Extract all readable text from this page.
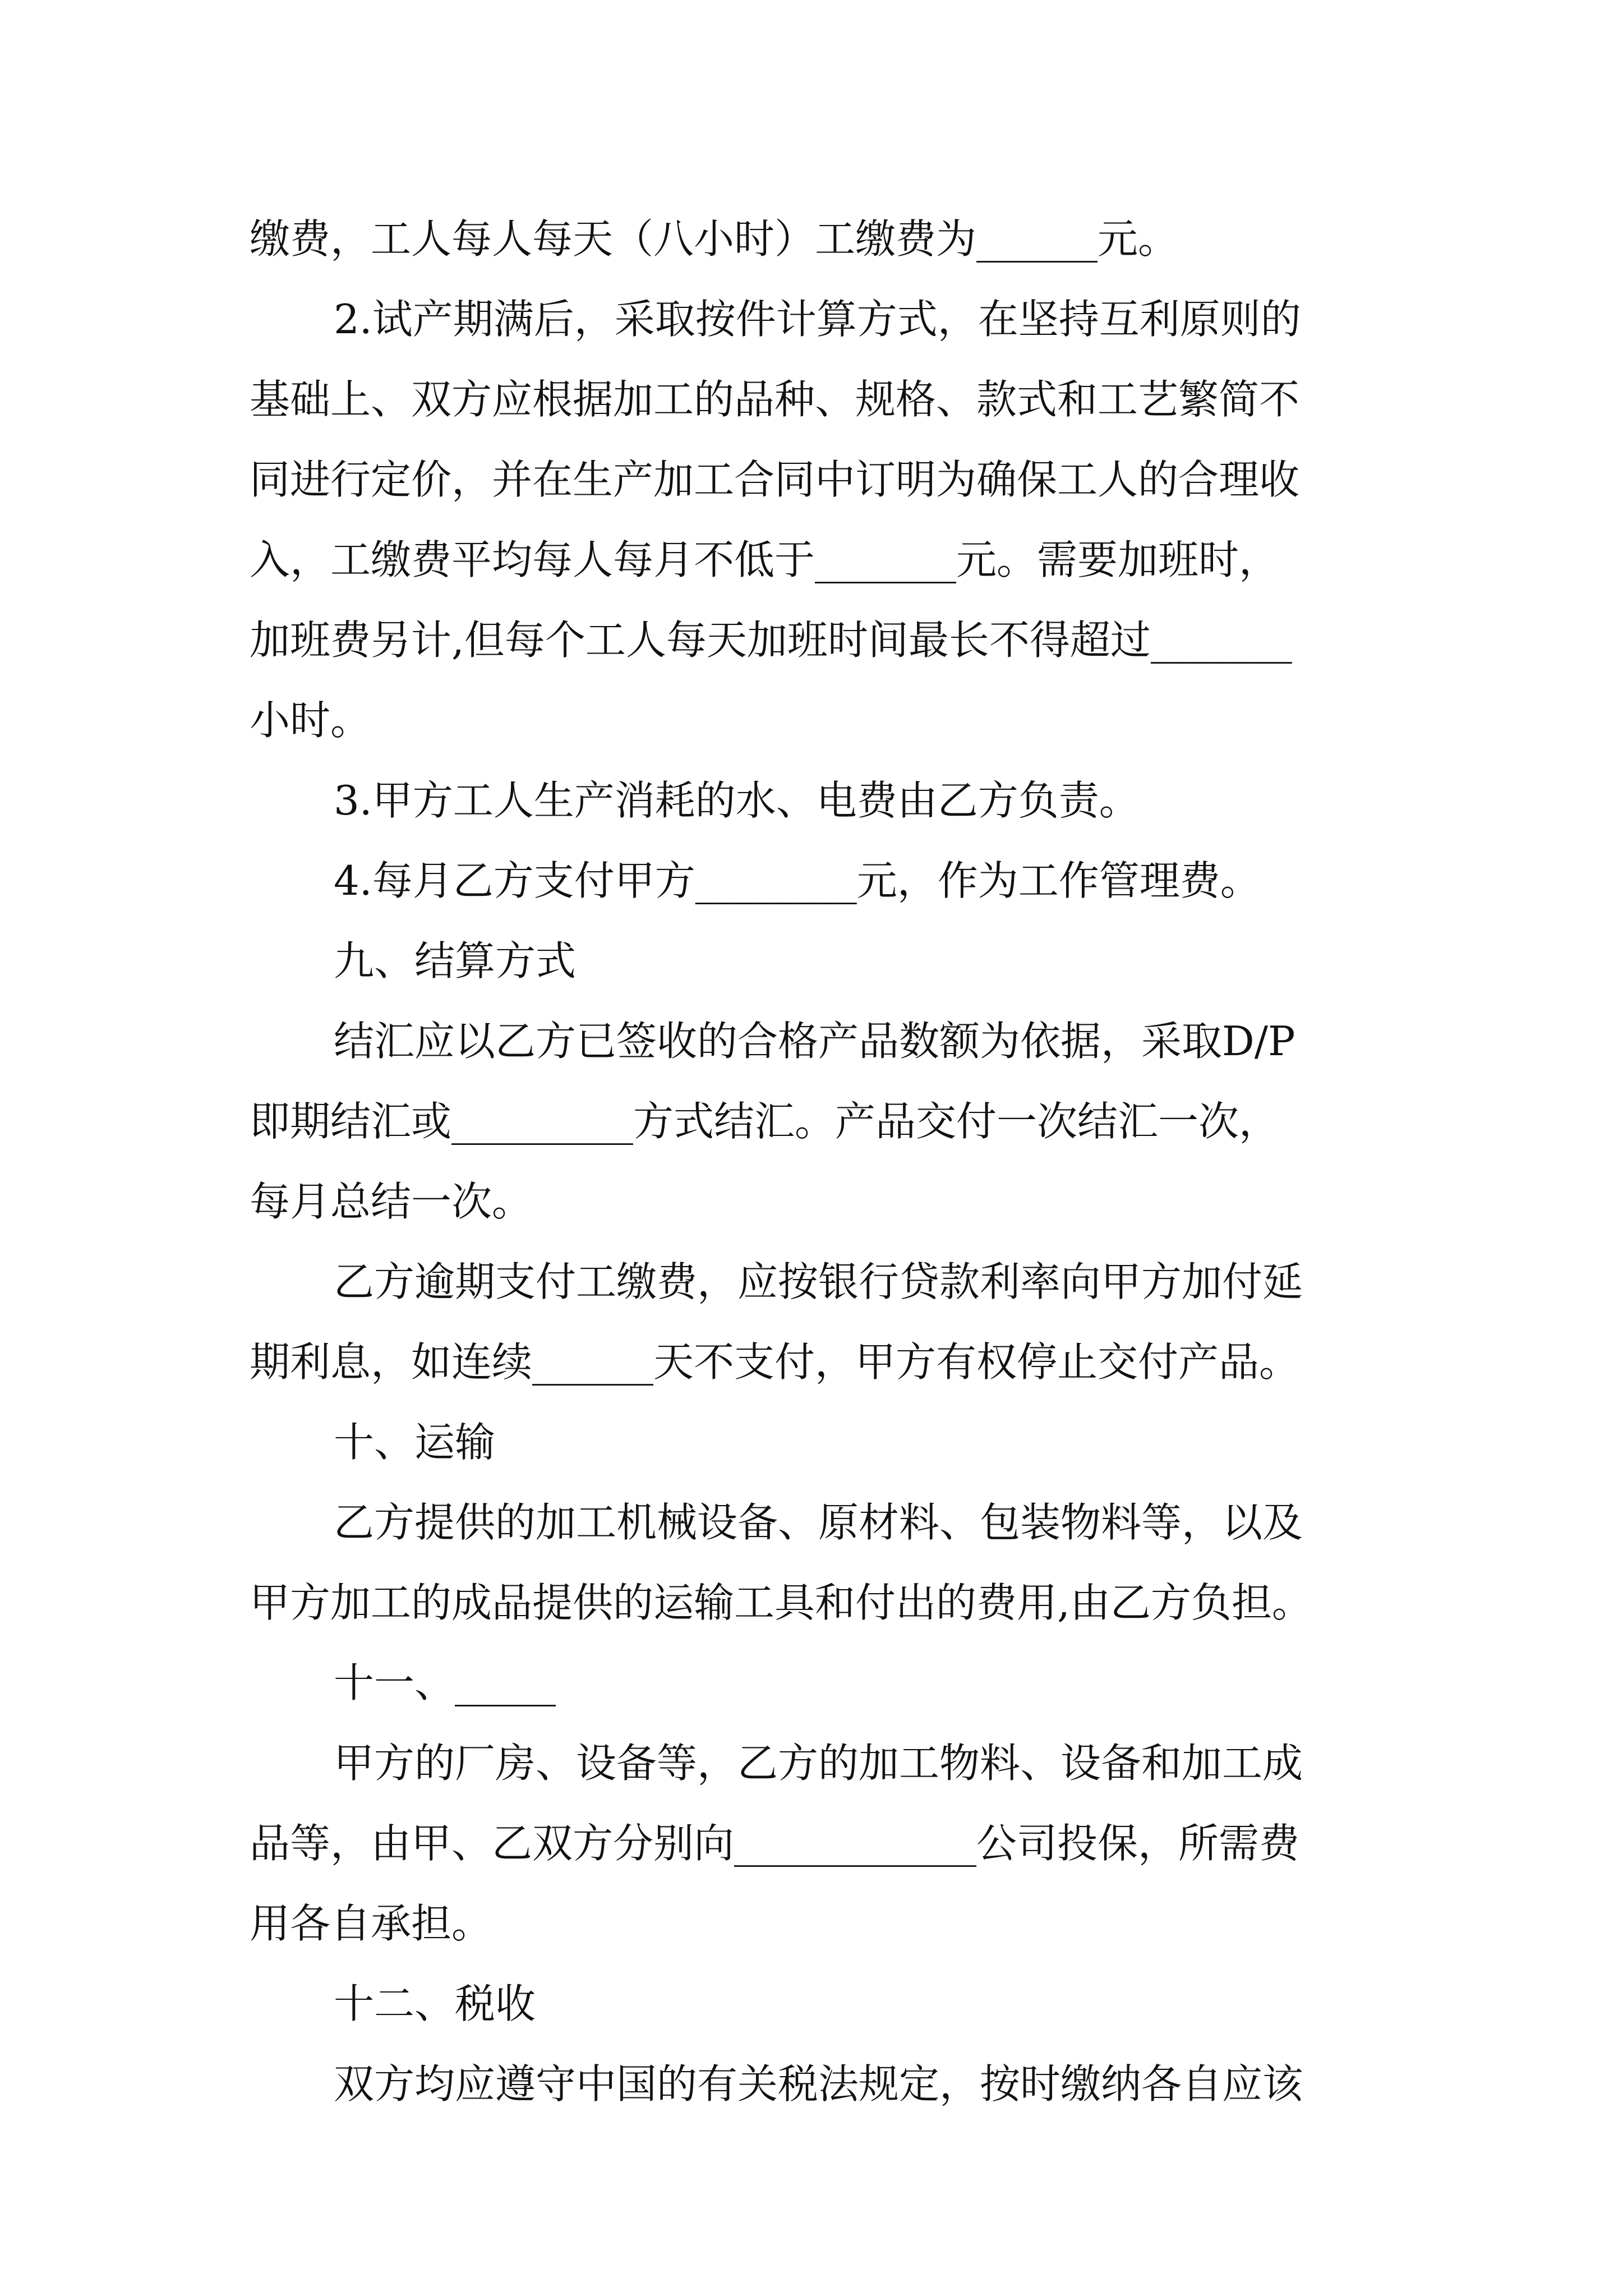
缴费，工人每人每天（八小时）工缴费为______元。

2.试产期满后，采取按件计算方式，在坚持互利原则的

基础上、双方应根据加工的品种、规格、款式和工艺繁简不

同进行定价，并在生产加工合同中订明为确保工人的合理收

入，工缴费平均每人每月不低于_______元。需要加班时，

加班费另计,但每个工人每天加班时间最长不得超过_______

小时。

3.甲方工人生产消耗的水、电费由乙方负责。

4.每月乙方支付甲方________元，作为工作管理费。

九、结算方式

结汇应以乙方已签收的合格产品数额为依据，采取D/P

即期结汇或_________方式结汇。产品交付一次结汇一次，

每月总结一次。

乙方逾期支付工缴费，应按银行贷款利率向甲方加付延

期利息，如连续______天不支付，甲方有权停止交付产品。

十、运输

乙方提供的加工机械设备、原材料、包装物料等，以及

甲方加工的成品提供的运输工具和付出的费用,由乙方负担。

十一、_____

甲方的厂房、设备等，乙方的加工物料、设备和加工成

品等，由甲、乙双方分别向____________公司投保，所需费

用各自承担。

十二、税收

双方均应遵守中国的有关税法规定，按时缴纳各自应该
